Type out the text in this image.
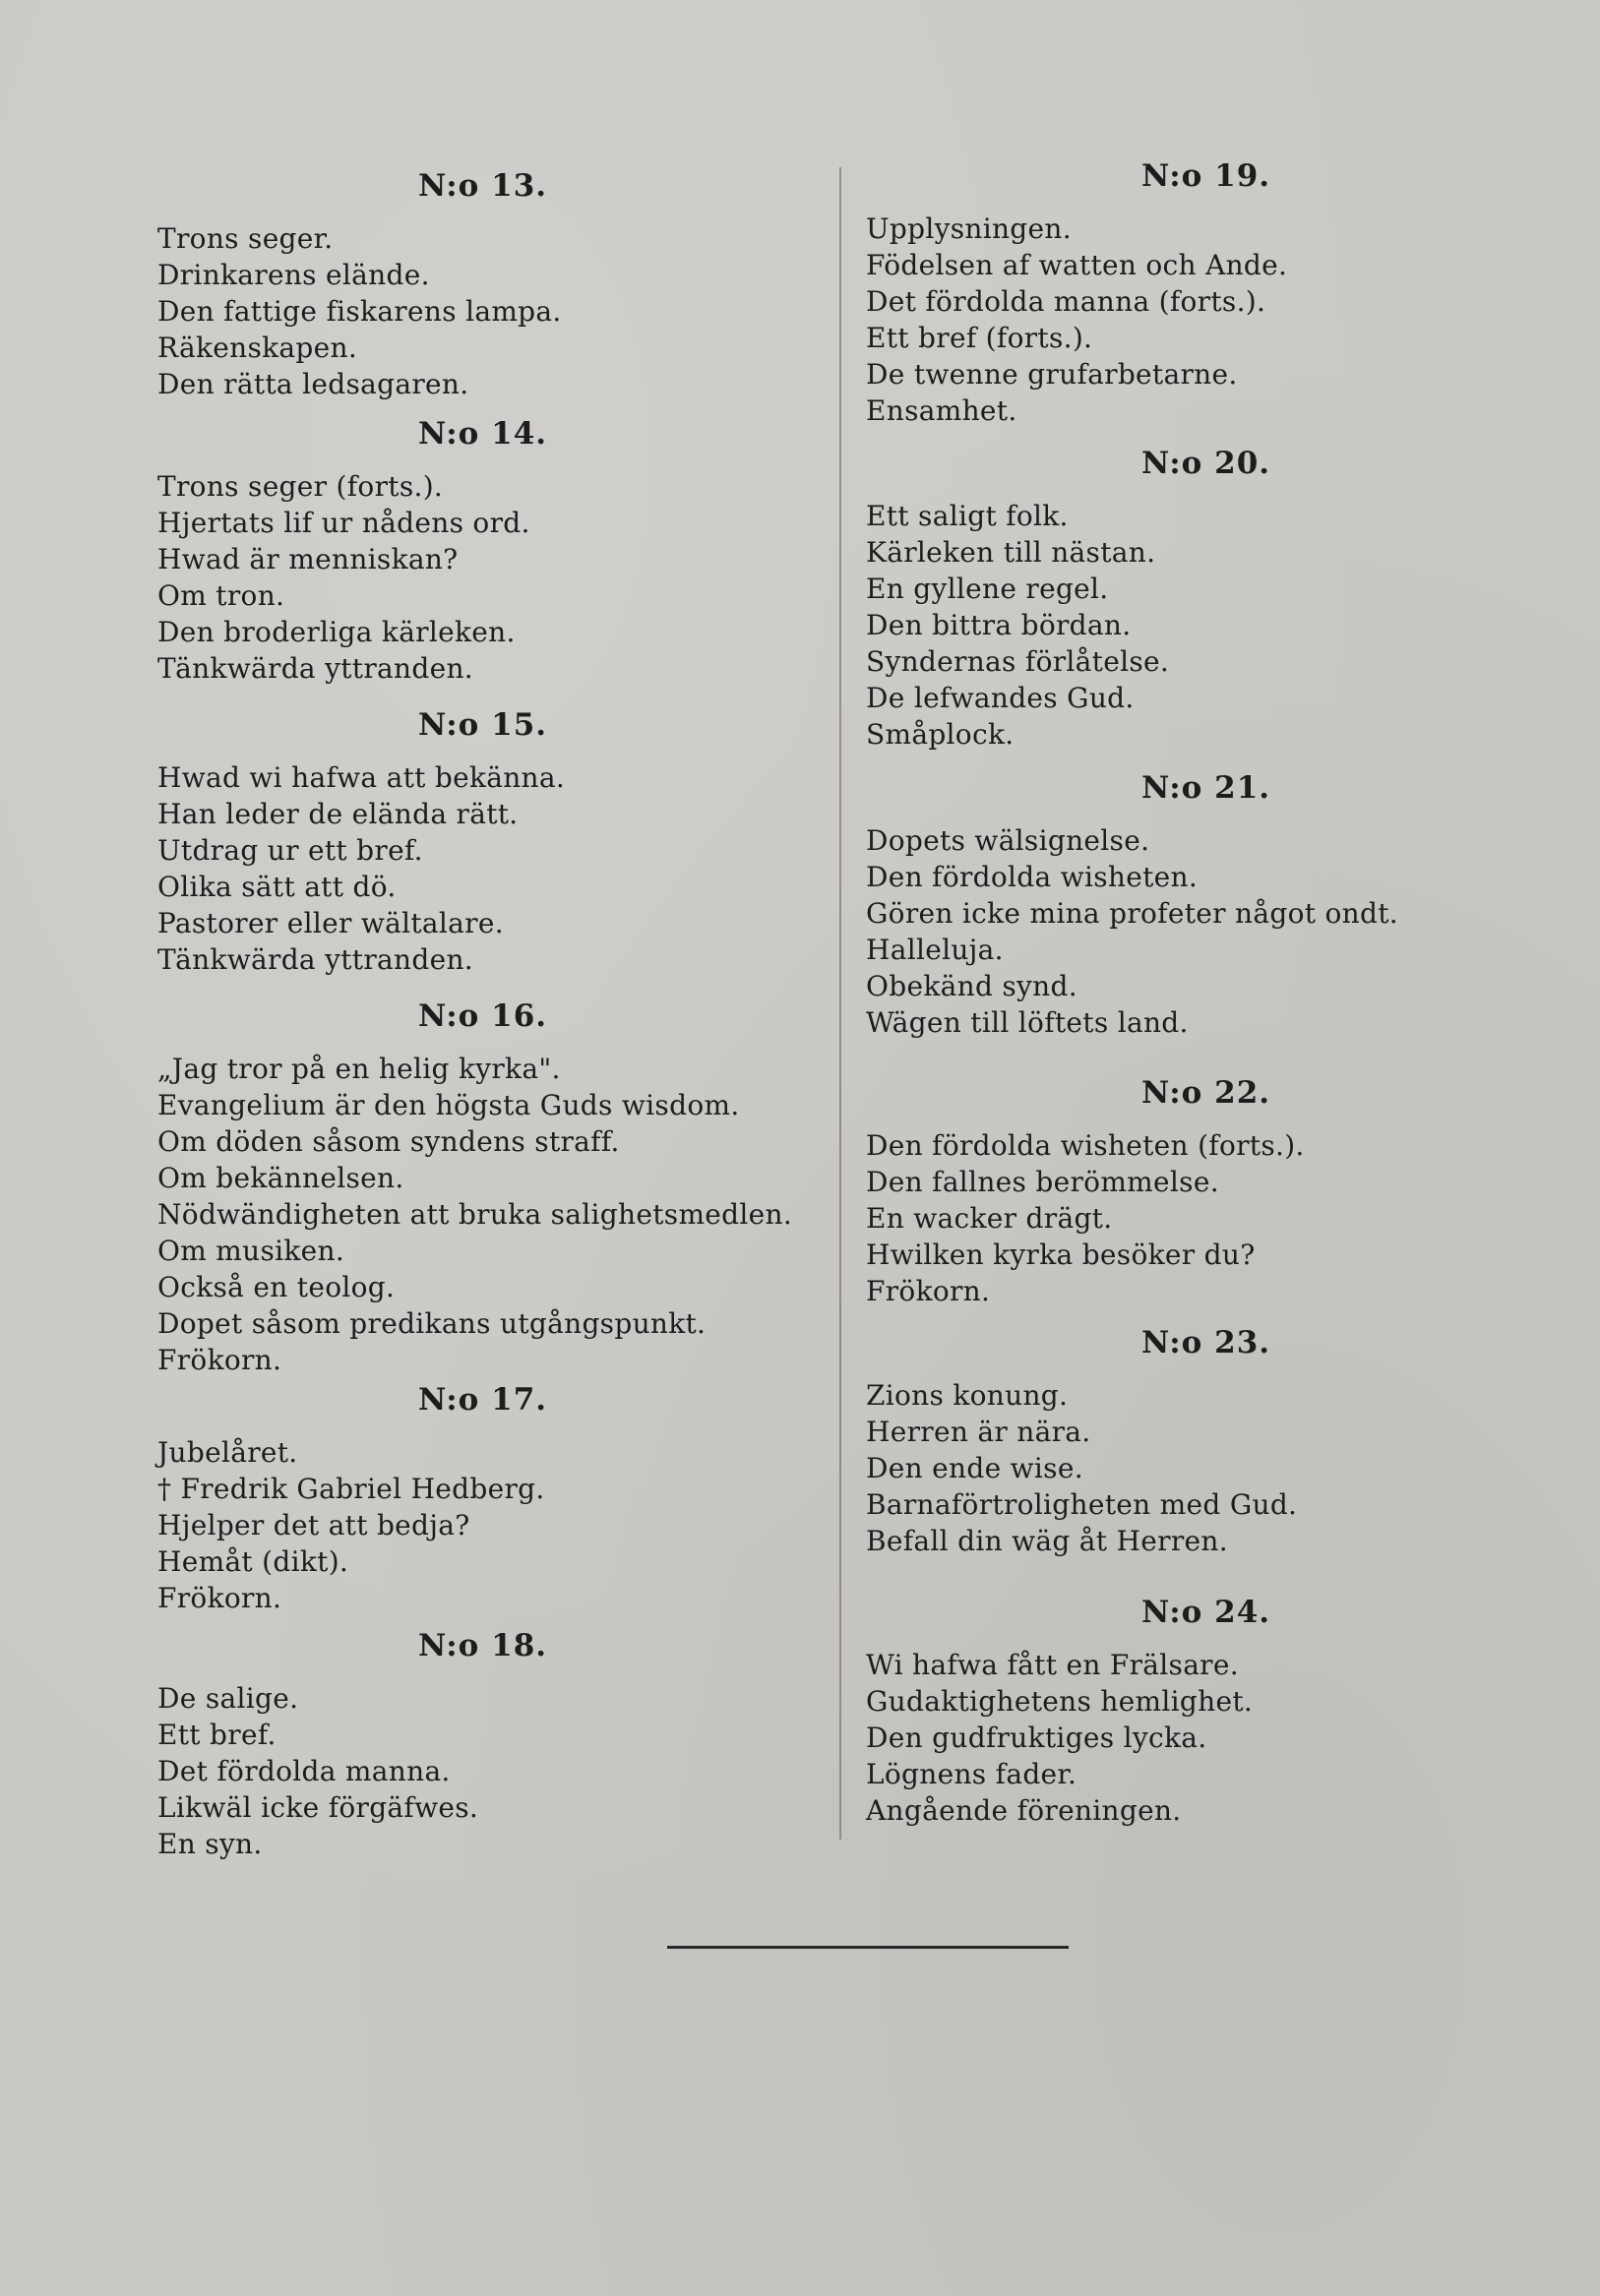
N:o 13.
Trons seger.
Drinkarens elände.
Den fattige fiskarens lampa.
Räkenskapen.
Den rätta ledsagaren.
N:o 14.
Trons seger (forts.).
Hjertats lif ur nådens ord.
Hwad är menniskan?
Om tron.
Den broderliga kärleken.
Tänkwärda yttranden.
N:o 15.
Hwad wi hafwa att bekänna.
Han leder de elända rätt.
Utdrag ur ett bref.
Olika sätt att dö.
Pastorer eller wältalare.
Tänkwärda yttranden.
N:o 16.
„Jag tror på en helig kyrka".
Evangelium är den högsta Guds wisdom.
Om döden såsom syndens straff.
Om bekännelsen.
Nödwändigheten att bruka salighetsmedlen.
Om musiken.
Också en teolog.
Dopet såsom predikans utgångspunkt.
Frökorn.
N:o 17.
Jubelåret.
† Fredrik Gabriel Hedberg.
Hjelper det att bedja?
Hemåt (dikt).
Frökorn.
N:o 18.
De salige.
Ett bref.
Det fördolda manna.
Likwäl icke förgäfwes.
En syn.
N:o 19.
Upplysningen.
Födelsen af watten och Ande.
Det fördolda manna (forts.).
Ett bref (forts.).
De twenne grufarbetarne.
Ensamhet.
N:o 20.
Ett saligt folk.
Kärleken till nästan.
En gyllene regel.
Den bittra bördan.
Syndernas förlåtelse.
De lefwandes Gud.
Småplock.
N:o 21.
Dopets wälsignelse.
Den fördolda wisheten.
Gören icke mina profeter något ondt.
Halleluja.
Obekänd synd.
Wägen till löftets land.
N:o 22.
Den fördolda wisheten (forts.).
Den fallnes berömmelse.
En wacker drägt.
Hwilken kyrka besöker du?
Frökorn.
N:o 23.
Zions konung.
Herren är nära.
Den ende wise.
Barnaförtroligheten med Gud.
Befall din wäg åt Herren.
N:o 24.
Wi hafwa fått en Frälsare.
Gudaktighetens hemlighet.
Den gudfruktiges lycka.
Lögnens fader.
Angående föreningen.
